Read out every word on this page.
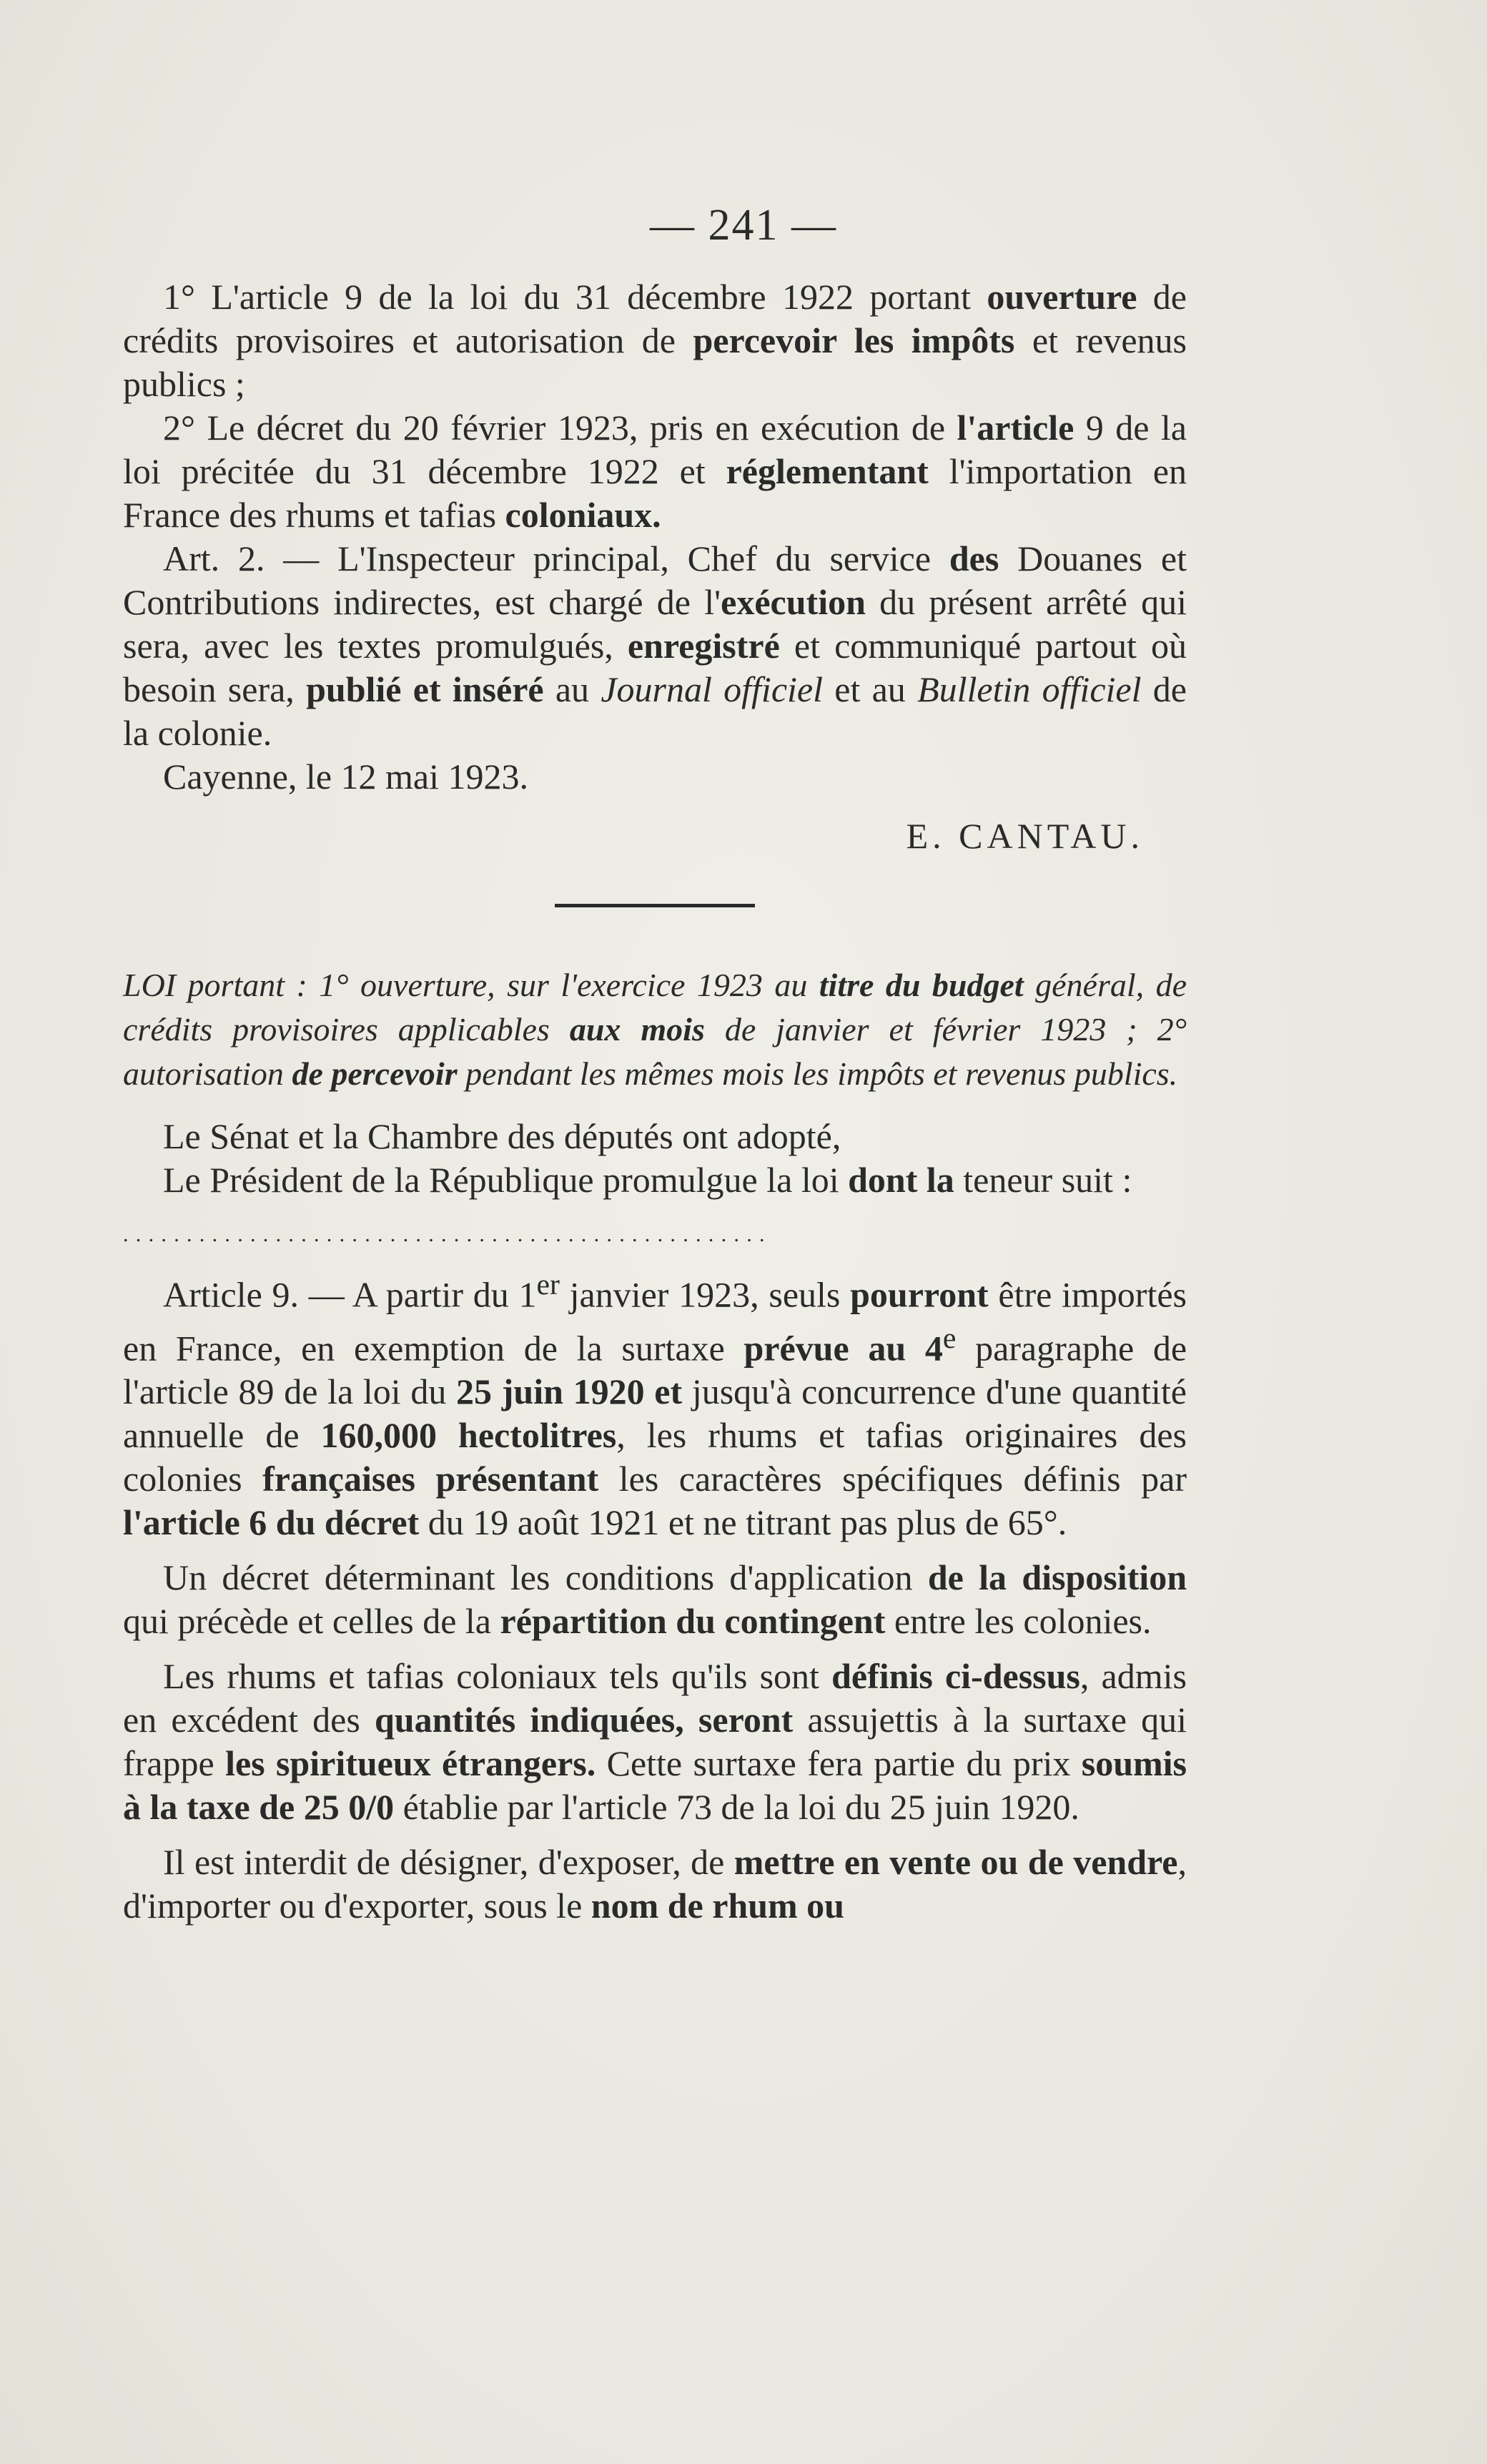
— 241 —

1° L'article 9 de la loi du 31 décembre 1922 portant ouverture de crédits provisoires et autorisation de percevoir les impôts et revenus publics ;

2° Le décret du 20 février 1923, pris en exécution de l'article 9 de la loi précitée du 31 décembre 1922 et réglementant l'importation en France des rhums et tafias coloniaux.

Art. 2. — L'Inspecteur principal, Chef du service des Douanes et Contributions indirectes, est chargé de l'exécution du présent arrêté qui sera, avec les textes promulgués, enregistré et communiqué partout où besoin sera, publié et inséré au Journal officiel et au Bulletin officiel de la colonie.

Cayenne, le 12 mai 1923.

E. CANTAU.

LOI portant : 1° ouverture, sur l'exercice 1923 au titre du budget général, de crédits provisoires applicables aux mois de janvier et février 1923 ; 2° autorisation de percevoir pendant les mêmes mois les impôts et revenus publics.

Le Sénat et la Chambre des députés ont adopté,

Le Président de la République promulgue la loi dont la teneur suit :

...................................................

Article 9. — A partir du 1er janvier 1923, seuls pourront être importés en France, en exemption de la surtaxe prévue au 4e paragraphe de l'article 89 de la loi du 25 juin 1920 et jusqu'à concurrence d'une quantité annuelle de 160,000 hectolitres, les rhums et tafias originaires des colonies françaises présentant les caractères spécifiques définis par l'article 6 du décret du 19 août 1921 et ne titrant pas plus de 65°.

Un décret déterminant les conditions d'application de la disposition qui précède et celles de la répartition du contingent entre les colonies.

Les rhums et tafias coloniaux tels qu'ils sont définis ci-dessus, admis en excédent des quantités indiquées, seront assujettis à la surtaxe qui frappe les spiritueux étrangers. Cette surtaxe fera partie du prix soumis à la taxe de 25 0/0 établie par l'article 73 de la loi du 25 juin 1920.

Il est interdit de désigner, d'exposer, de mettre en vente ou de vendre, d'importer ou d'exporter, sous le nom de rhum ou
